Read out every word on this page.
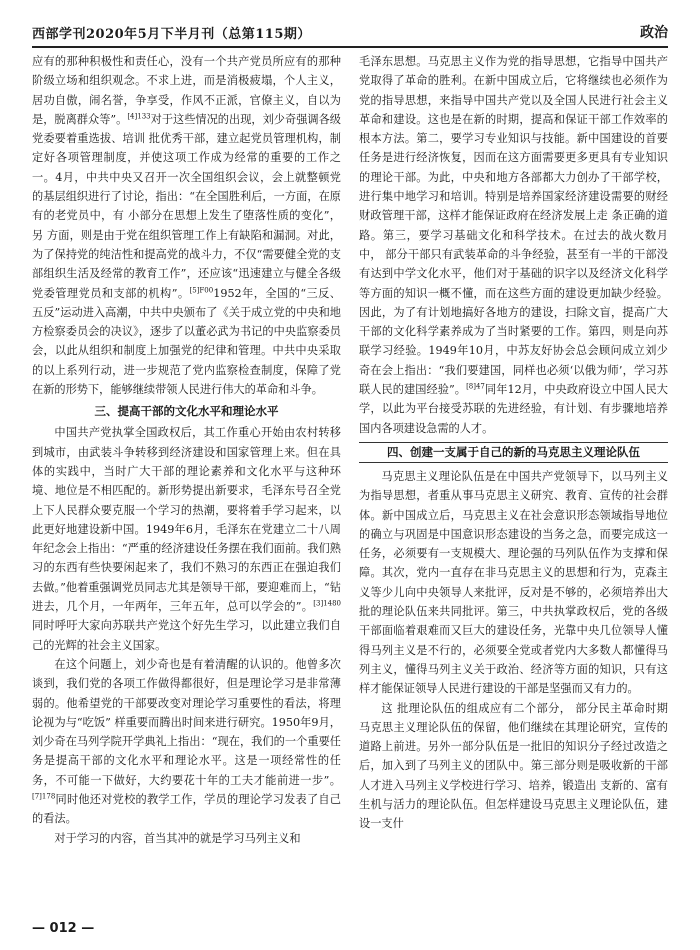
西部学刊2020年5月下半月刊（总第115期）	政治

应有的那种积极性和责任心，没有一个共产党员所应有的那种阶级立场和组织观念。不求上进，而是消极疲塌，个人主义，居功自傲，闹名誉，争享受，作风不正派，官僚主义，自以为是，脱离群众等”。$^{[4]133}$对于这些情况的出现，刘少奇强调各级党委要着重选拔、培训 批优秀干部，建立起党员管理机构，制定好各项管理制度，并使这项工作成为经常的重要的工作之一。4月，中共中央又召开一次全国组织会议，会上就整顿党的基层组织进行了讨论，指出：“在全国胜利后，一方面，在原有的老党员中，有 小部分在思想上发生了堕落性质的变化”，另 方面，则是由于党在组织管理工作上有缺陷和漏洞。对此，为了保持党的纯洁性和提高党的战斗力，不仅“需要健全党的支部组织生活及经常的教育工作”，还应该“迅速建立与健全各级党委管理党员和支部的机构”。$^{[5]F00}$1952年，全国的“三反、五反”运动进入高潮，中共中央颁布了《关于成立党的中央和地方检察委员会的决议》，逐步了以董必武为书记的中央监察委员会，以此从组织和制度上加强党的纪律和管理。中共中央采取的以上系列行动，进一步规范了党内监察检查制度，保障了党在新的形势下，能够继续带领人民进行伟大的革命和斗争。

三、提高干部的文化水平和理论水平

中国共产党执掌全国政权后，其工作重心开始由农村转移到城市，由武装斗争转移到经济建设和国家管理上来。但在具体的实践中，当时广大干部的理论素养和文化水平与这种环境、地位是不相匹配的。新形势提出新要求，毛泽东号召全党上下人民群众要克服一个学习的热潮，要将着手学习起来，以此更好地建设新中国。1949年6月，毛泽东在党建立二十八周年纪念会上指出：“严重的经济建设任务摆在我们面前。我们熟习的东西有些快要闲起来了，我们不熟习的东西正在强迫我们去做。”他着重强调党员同志尤其是领导干部，要迎难而上，“钻进去，几个月，一年两年，三年五年，总可以学会的”。$^{[3]1480}$同时呼吁大家向苏联共产党这个好先生学习，以此建立我们自己的光辉的社会主义国家。

在这个问题上，刘少奇也是有着清醒的认识的。他曾多次谈到，我们党的各项工作做得都很好，但是理论学习是非常薄弱的。他希望党的干部要改变对理论学习重要性的看法，将理论视为与“吃饭” 样重要而腾出时间来进行研究。1950年9月，刘少奇在马列学院开学典礼上指出：“现在，我们的一个重要任务是提高干部的文化水平和理论水平。这是一项经常性的任务，不可能一下做好，大约要花十年的工夫才能前进一步”。$^{[7]178}$同时他还对党校的教学工作，学员的理论学习发表了自己的看法。

对于学习的内容，首当其冲的就是学习马列主义和

毛泽东思想。马克思主义作为党的指导思想，它指导中国共产党取得了革命的胜利。在新中国成立后，它将继续也必须作为党的指导思想，来指导中国共产党以及全国人民进行社会主义革命和建设。这也是在新的时期，提高和保证干部工作效率的根本方法。第二，要学习专业知识与技能。新中国建设的首要任务是进行经济恢复，因而在这方面需要更多更具有专业知识的理论干部。为此，中央和地方各部都大力创办了干部学校，进行集中地学习和培训。特别是培养国家经济建设需要的财经财政管理干部，这样才能保证政府在经济发展上走 条正确的道路。第三，要学习基础文化和科学技术。在过去的战火数月中， 部分干部只有武装革命的斗争经验，甚至有一半的干部没有达到中学文化水平，他们对于基础的识字以及经济文化科学等方面的知识一概不懂，而在这些方面的建设更加缺少经验。因此，为了有计划地搞好各地方的建设，扫除文盲，提高广大干部的文化科学素养成为了当时紧要的工作。第四，则是向苏联学习经验。1949年10月，中苏友好协会总会顾问成立刘少奇在会上指出：“我们要建国，同样也必须‘以俄为师’，学习苏联人民的建国经验”。$^{[8]47}$同年12月，中央政府设立中国人民大学，以此为平台接受苏联的先进经验，有计划、有步骤地培养国内各项建设急需的人才。

四、创建一支属于自己的新的马克思主义理论队伍

马克思主义理论队伍是在中国共产党领导下，以马列主义为指导思想，者重从事马克思主义研究、教育、宣传的社会群体。新中国成立后，马克思主义在社会意识形态领域指导地位的确立与巩固是中国意识形态建设的当务之急，而要完成这一任务，必须要有一支规模大、理论强的马列队伍作为支撑和保障。其次，党内一直存在非马克思主义的思想和行为，克森主义等少儿向中央领导人来批评，反对是不够的，必须培养出大批的理论队伍来共同批评。第三，中共执掌政权后，党的各级干部面临着艰难而又巨大的建设任务，光靠中央几位领导人懂得马列主义是不行的，必须要全党或者党内大多数人都懂得马列主义，懂得马列主义关于政治、经济等方面的知识，只有这样才能保证领导人民进行建设的干部是坚强而又有力的。

这 批理论队伍的组成应有二个部分， 部分民主革命时期马克思主义理论队伍的保留，他们继续在其理论研究，宣传的道路上前进。另外一部分队伍是一批旧的知识分子经过改造之后，加入到了马列主义的团队中。第三部分则是吸收新的干部人才进入马列主义学校进行学习、培养，锻造出 支新的、富有生机与活力的理论队伍。但怎样建设马克思主义理论队伍，建设一支什

— 012 —
